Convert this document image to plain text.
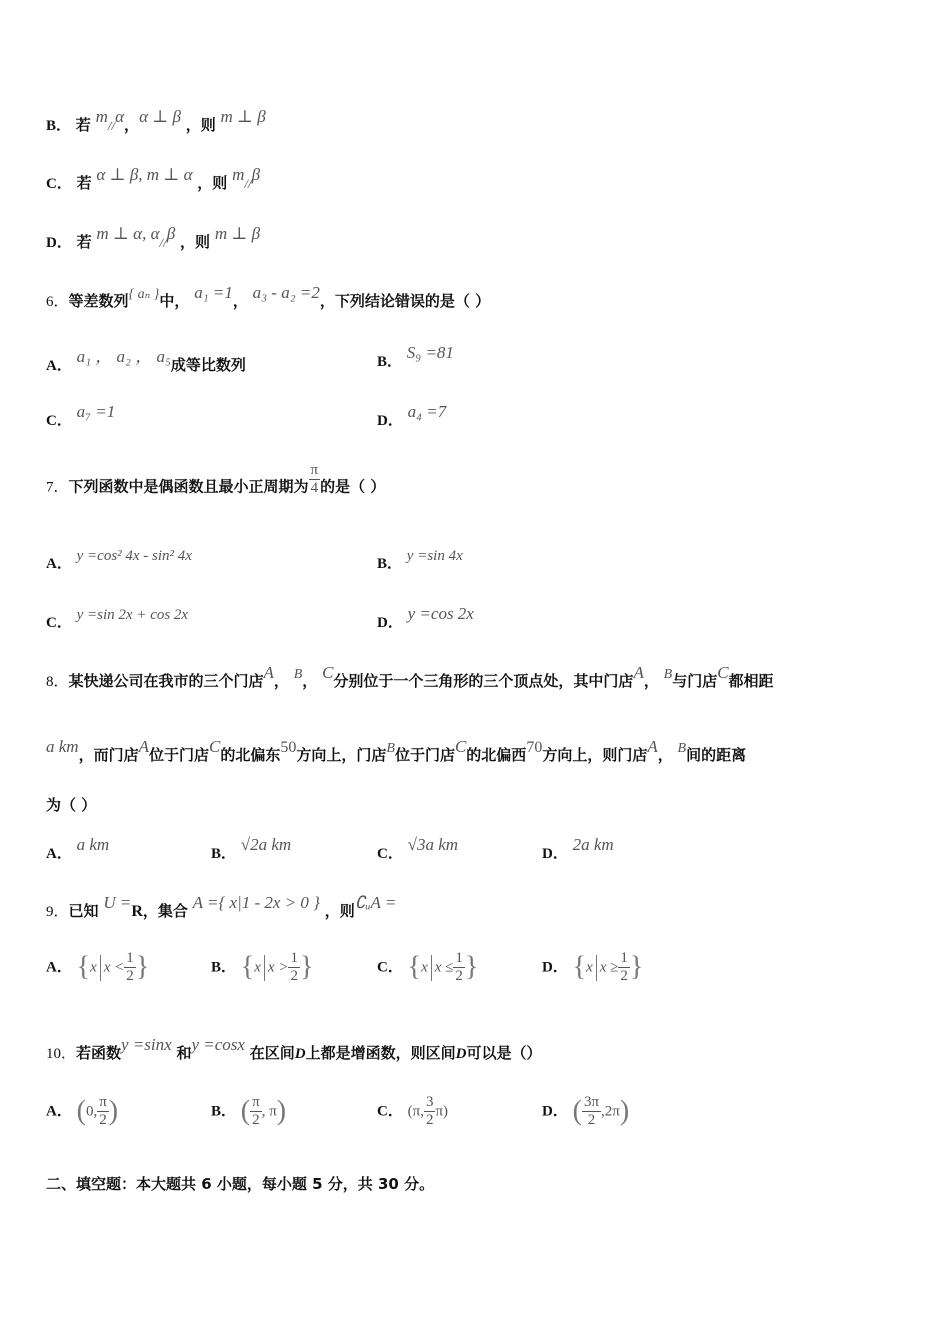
B． 若 m//α，α ⊥ β ，则 m ⊥ β
C． 若 α ⊥ β, m ⊥ α ，则 m//β
D． 若 m ⊥ α, α//β ，则 m ⊥ β
6．等差数列{ aₙ }中， a₁ =1， a₃ - a₂ =2，下列结论错误的是（ ）
A． a₁ ， a₂ ， a₅成等比数列	B． S₉ =81
C． a₇ =1	D． a₄ =7
7．下列函数中是偶函数且最小正周期为 $\frac{\pi}{4}$ 的是（ ）
A． y =cos² 4x - sin² 4x	B． y =sin 4x
C． y =sin 2x + cos 2x	D． y =cos 2x
8．某快递公司在我市的三个门店A， B， C分别位于一个三角形的三个顶点处，其中门店A， B与门店C都相距
a km，而门店A位于门店C的北偏东50方向上，门店B位于门店C的北偏西70方向上，则门店A， B间的距离
为（ ）
A． a km	B． √2a km	C． √3a km	D． 2a km
9．已知 U =R，集合 A ={ x|1 - 2x > 0 } ，则∁ᵤA =
A． {x $x < \frac{1}{2}$ }	B． {x $x > \frac{1}{2}$ }	C． {x $x \le \frac{1}{2}$ }	D． {x $x \ge \frac{1}{2}$ }
10．若函数y =sinx 和y =cosx 在区间D上都是增函数，则区间D可以是（）
A． (0, $\frac{\pi}{2}$ )	B． ( $\frac{\pi}{2}$ , π)	C． (π, $\frac{3}{2} \pi$)	D． ( $\frac{3\pi}{2} ,2\pi$)
二、填空题：本大题共 6 小题，每小题 5 分，共 30 分。
